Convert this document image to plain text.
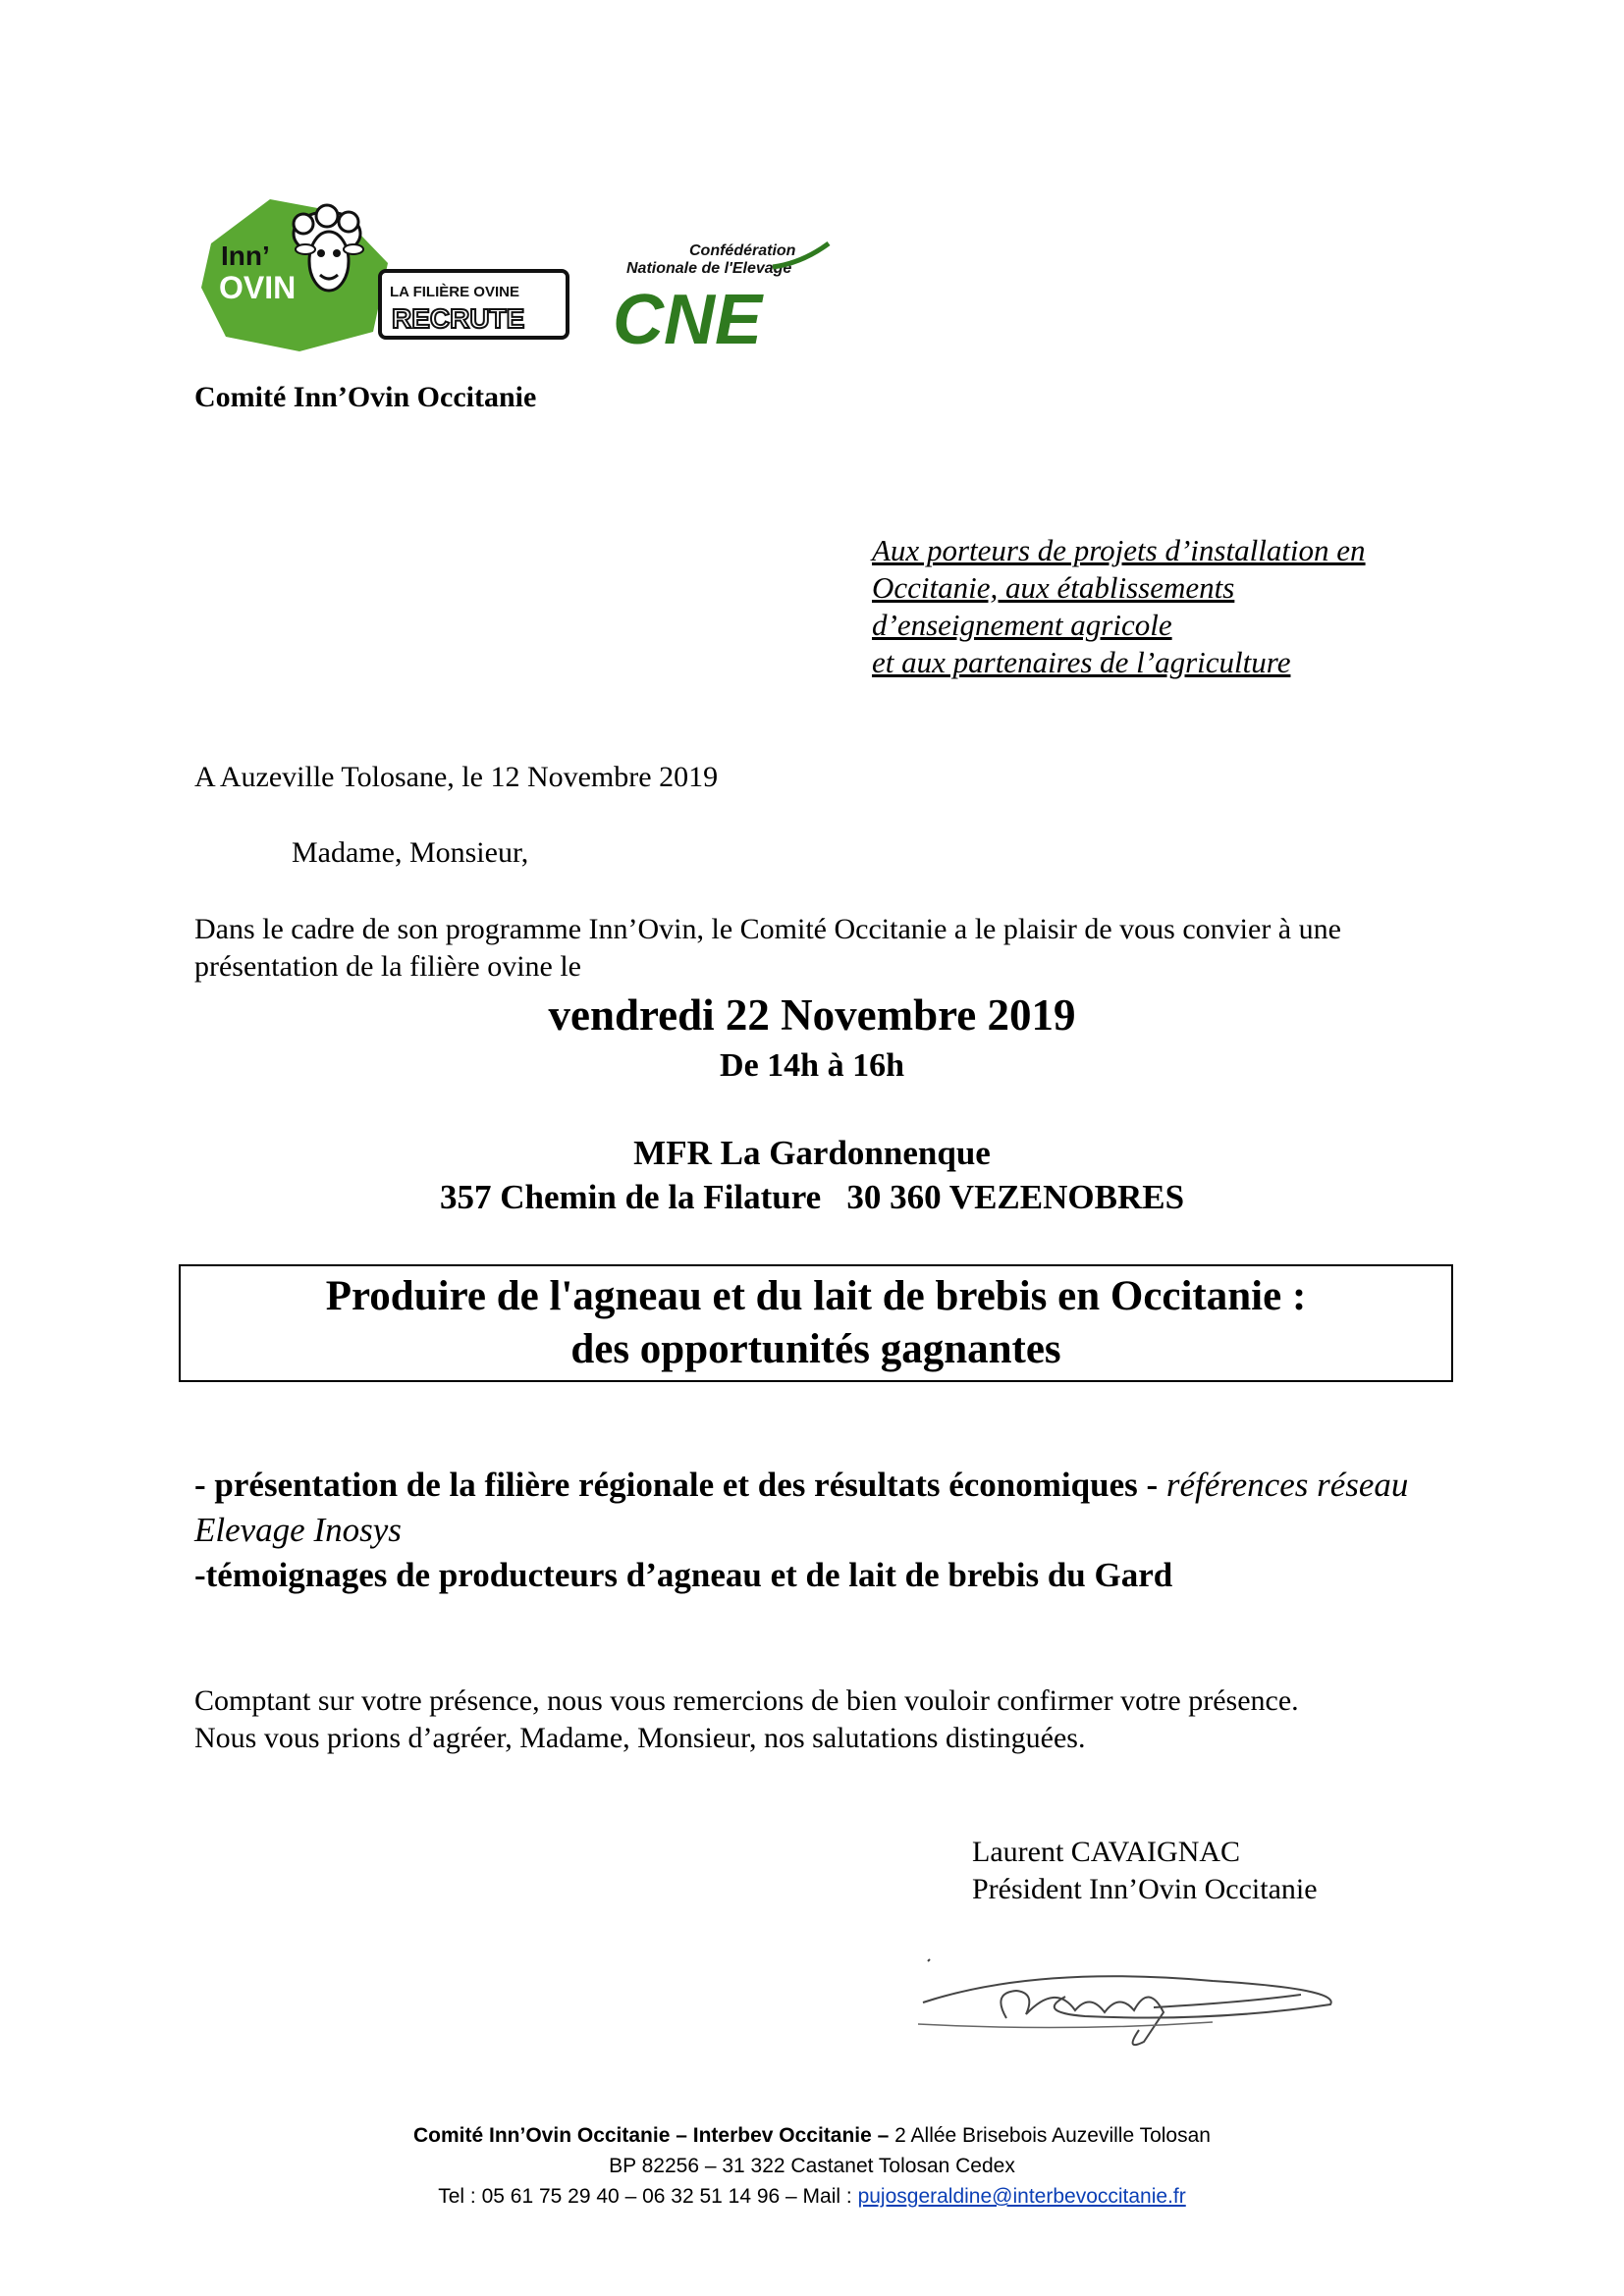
Inn’
OVIN	LA FILIÈRE OVINE
RECRUTE
Confédération
Nationale de l'Elevage
CNE
Comité Inn’Ovin Occitanie
Aux porteurs de projets d’installation en
Occitanie, aux établissements
d’enseignement agricole
et aux partenaires de l’agriculture
A Auzeville Tolosane, le 12 Novembre 2019
Madame, Monsieur,
Dans le cadre de son programme Inn’Ovin, le Comité Occitanie a le plaisir de vous convier à une présentation de la filière ovine le
vendredi 22 Novembre 2019
De 14h à 16h
MFR La Gardonnenque
357 Chemin de la Filature   30 360 VEZENOBRES
Produire de l'agneau et du lait de brebis en Occitanie :
des opportunités gagnantes
- présentation de la filière régionale et des résultats économiques - références réseau Elevage Inosys
-témoignages de producteurs d’agneau et de lait de brebis du Gard
Comptant sur votre présence, nous vous remercions de bien vouloir confirmer votre présence.
Nous vous prions d’agréer, Madame, Monsieur, nos salutations distinguées.
Laurent CAVAIGNAC
Président Inn’Ovin Occitanie
Comité Inn’Ovin Occitanie – Interbev Occitanie – 2 Allée Brisebois Auzeville Tolosan
BP 82256 – 31 322 Castanet Tolosan Cedex
Tel : 05 61 75 29 40 – 06 32 51 14 96 – Mail : pujosgeraldine@interbevoccitanie.fr
